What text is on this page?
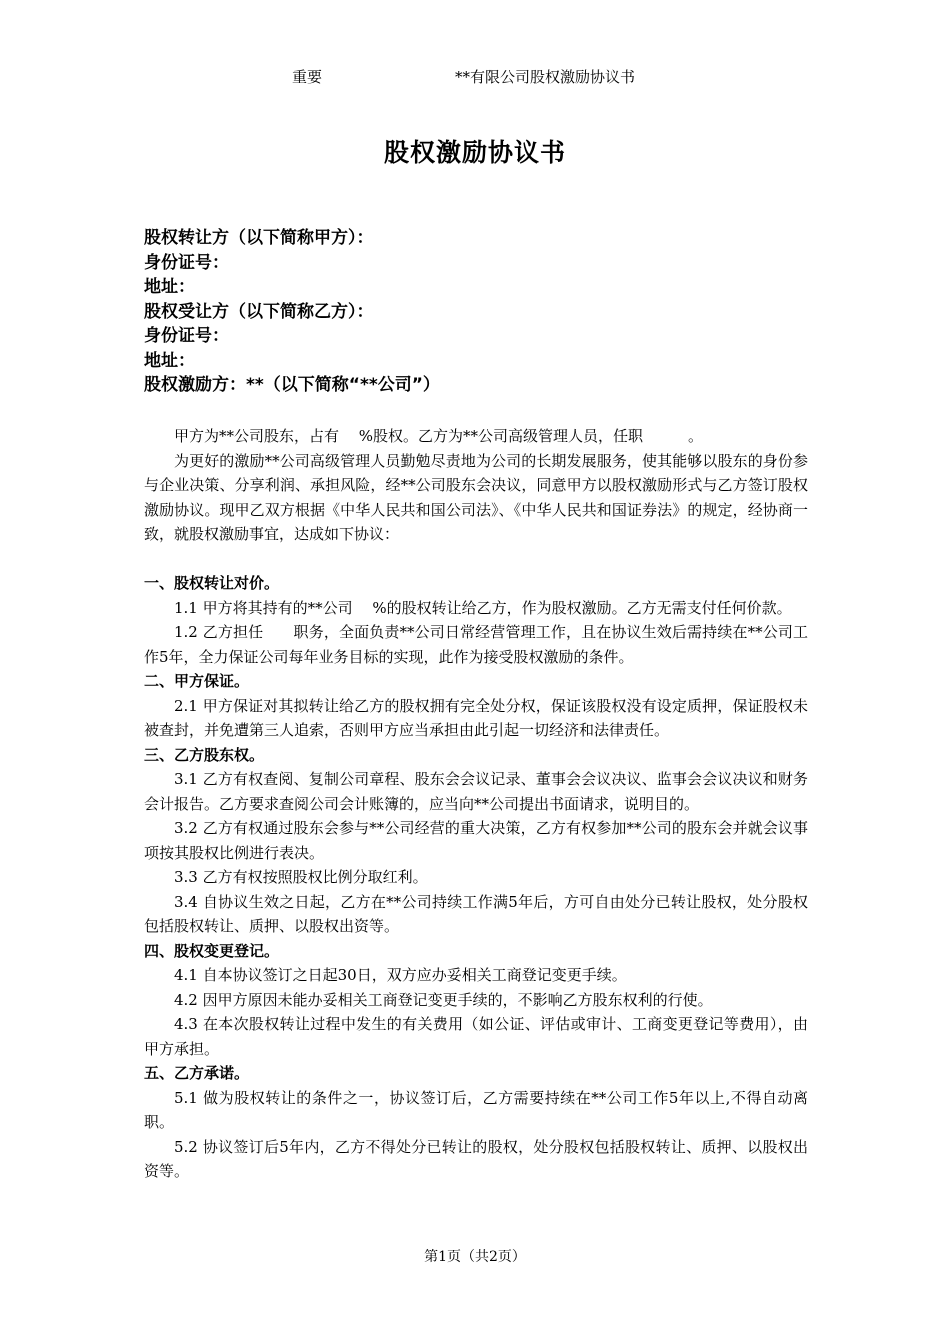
重要	**有限公司股权激励协议书
股权激励协议书
股权转让方（以下简称甲方）：
身份证号：
地址：
股权受让方（以下简称乙方）：
身份证号：
地址：
股权激励方：**（以下简称“**公司”）

甲方为**公司股东，占有　 %股权。乙方为**公司高级管理人员，任职　　　。

为更好的激励**公司高级管理人员勤勉尽责地为公司的长期发展服务，使其能够以股东的身份参与企业决策、分享利润、承担风险，经**公司股东会决议，同意甲方以股权激励形式与乙方签订股权激励协议。现甲乙双方根据《中华人民共和国公司法》、《中华人民共和国证券法》的规定，经协商一致，就股权激励事宜，达成如下协议：

一、股权转让对价。

1.1 甲方将其持有的**公司　 %的股权转让给乙方，作为股权激励。乙方无需支付任何价款。

1.2 乙方担任　　职务，全面负责**公司日常经营管理工作，且在协议生效后需持续在**公司工作5年，全力保证公司每年业务目标的实现，此作为接受股权激励的条件。

二、甲方保证。

2.1 甲方保证对其拟转让给乙方的股权拥有完全处分权，保证该股权没有设定质押，保证股权未被查封，并免遭第三人追索，否则甲方应当承担由此引起一切经济和法律责任。

三、乙方股东权。

3.1 乙方有权查阅、复制公司章程、股东会会议记录、董事会会议决议、监事会会议决议和财务会计报告。乙方要求查阅公司会计账簿的，应当向**公司提出书面请求，说明目的。

3.2 乙方有权通过股东会参与**公司经营的重大决策，乙方有权参加**公司的股东会并就会议事项按其股权比例进行表决。

3.3 乙方有权按照股权比例分取红利。

3.4 自协议生效之日起，乙方在**公司持续工作满5年后，方可自由处分已转让股权，处分股权包括股权转让、质押、以股权出资等。

四、股权变更登记。

4.1 自本协议签订之日起30日，双方应办妥相关工商登记变更手续。

4.2 因甲方原因未能办妥相关工商登记变更手续的，不影响乙方股东权利的行使。

4.3 在本次股权转让过程中发生的有关费用（如公证、评估或审计、工商变更登记等费用），由甲方承担。

五、乙方承诺。

5.1 做为股权转让的条件之一，协议签订后，乙方需要持续在**公司工作5年以上,不得自动离职。

5.2 协议签订后5年内，乙方不得处分已转让的股权，处分股权包括股权转让、质押、以股权出资等。

第1页（共2页）
